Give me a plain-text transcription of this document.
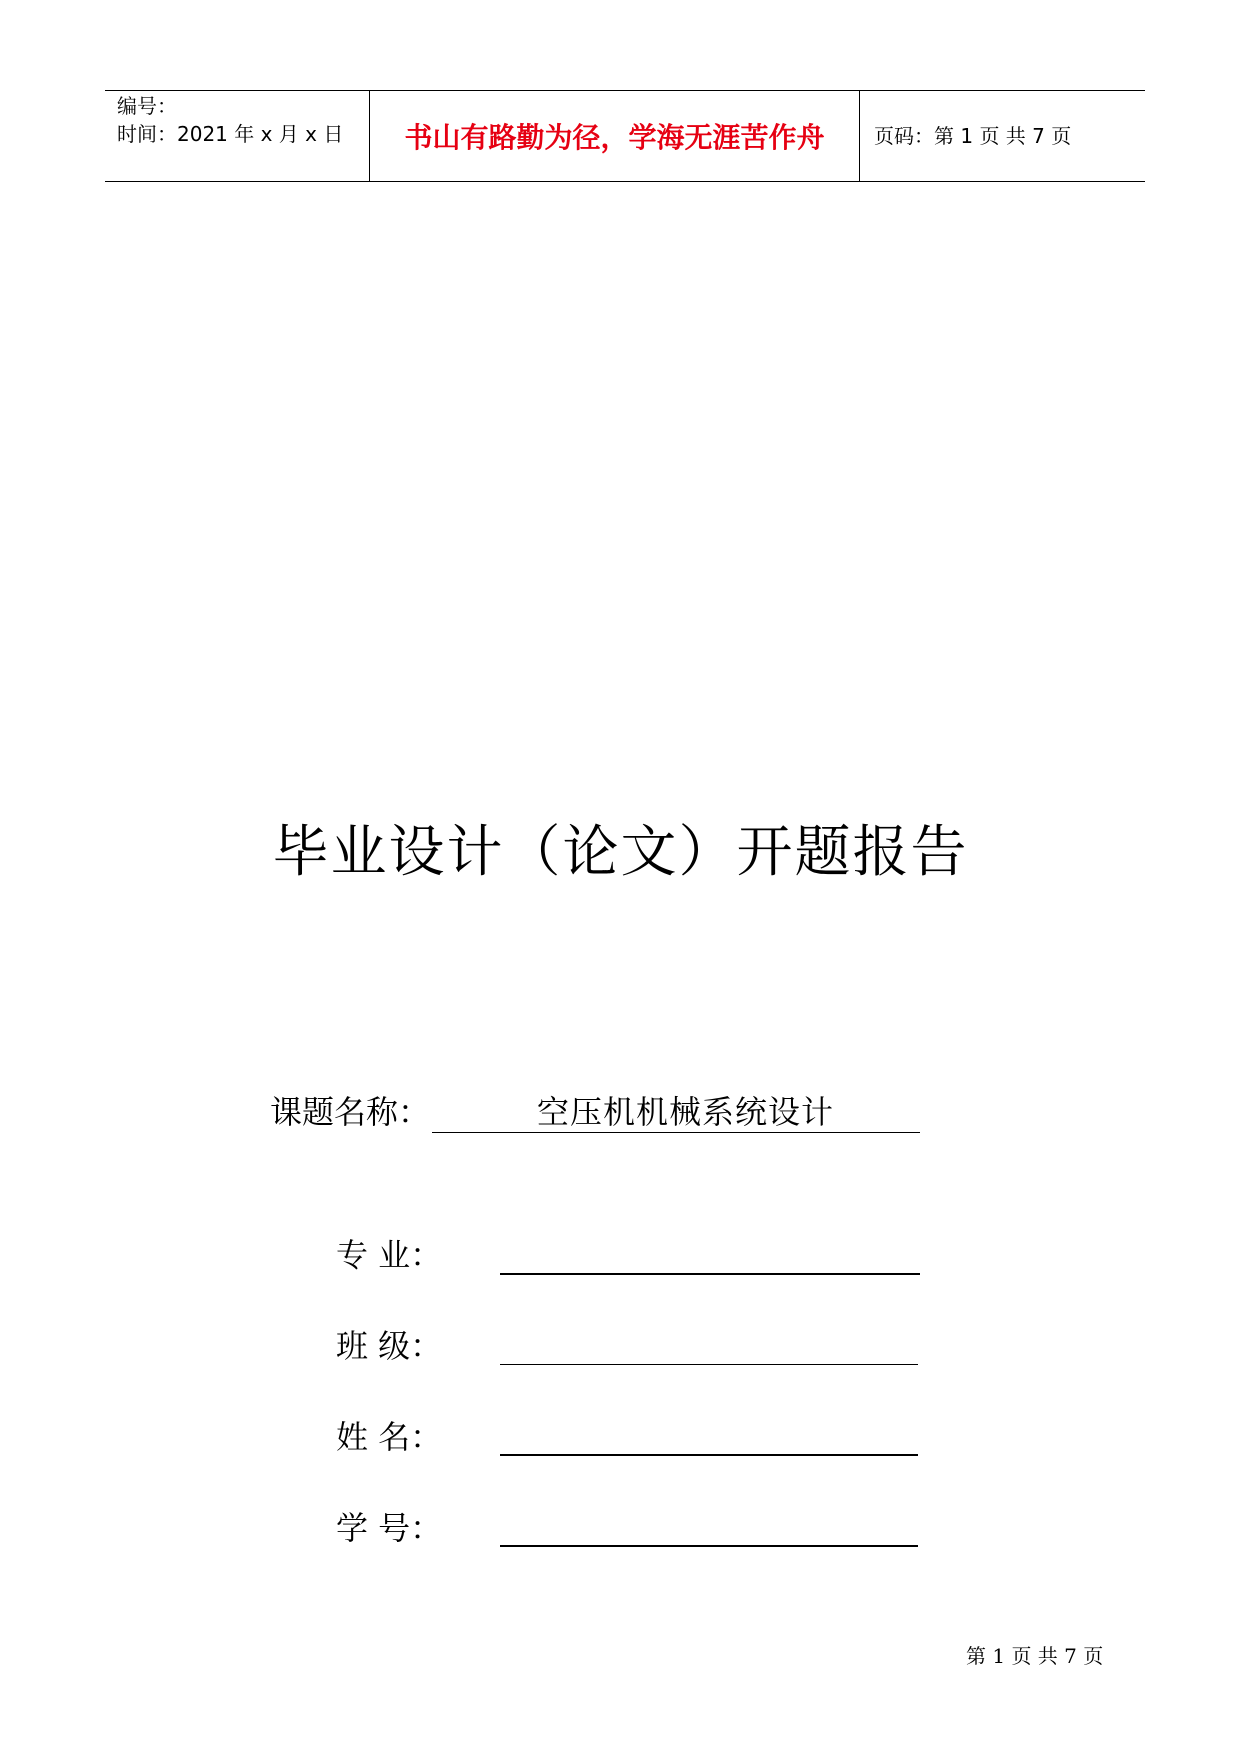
编号：
时间：2021 年 x 月 x 日 书山有路勤为径，学海无涯苦作舟 页码：第 1 页 共 7 页
毕业设计（论文）开题报告
课题名称：	空压机机械系统设计
专 业：
班 级：
姓 名：
学 号：
第 1 页 共 7 页
